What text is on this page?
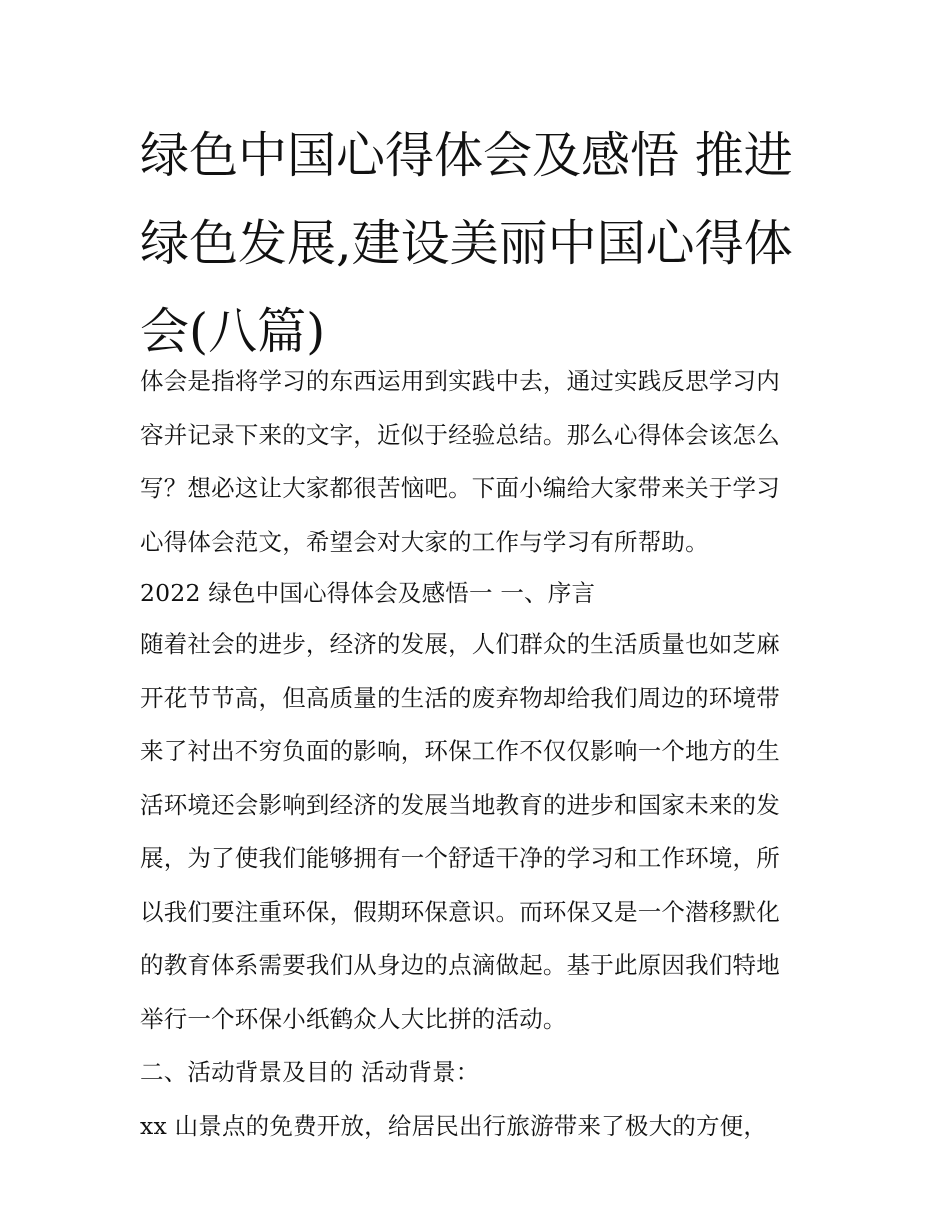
绿色中国心得体会及感悟 推进
绿色发展,建设美丽中国心得体
会(八篇)
体会是指将学习的东西运用到实践中去，通过实践反思学习内
容并记录下来的文字，近似于经验总结。那么心得体会该怎么
写？想必这让大家都很苦恼吧。下面小编给大家带来关于学习
心得体会范文，希望会对大家的工作与学习有所帮助。
2022 绿色中国心得体会及感悟一 一、序言
随着社会的进步，经济的发展，人们群众的生活质量也如芝麻
开花节节高，但高质量的生活的废弃物却给我们周边的环境带
来了衬出不穷负面的影响，环保工作不仅仅影响一个地方的生
活环境还会影响到经济的发展当地教育的进步和国家未来的发
展，为了使我们能够拥有一个舒适干净的学习和工作环境，所
以我们要注重环保，假期环保意识。而环保又是一个潜移默化
的教育体系需要我们从身边的点滴做起。基于此原因我们特地
举行一个环保小纸鹤众人大比拼的活动。
二、活动背景及目的 活动背景：
xx 山景点的免费开放，给居民出行旅游带来了极大的方便，
